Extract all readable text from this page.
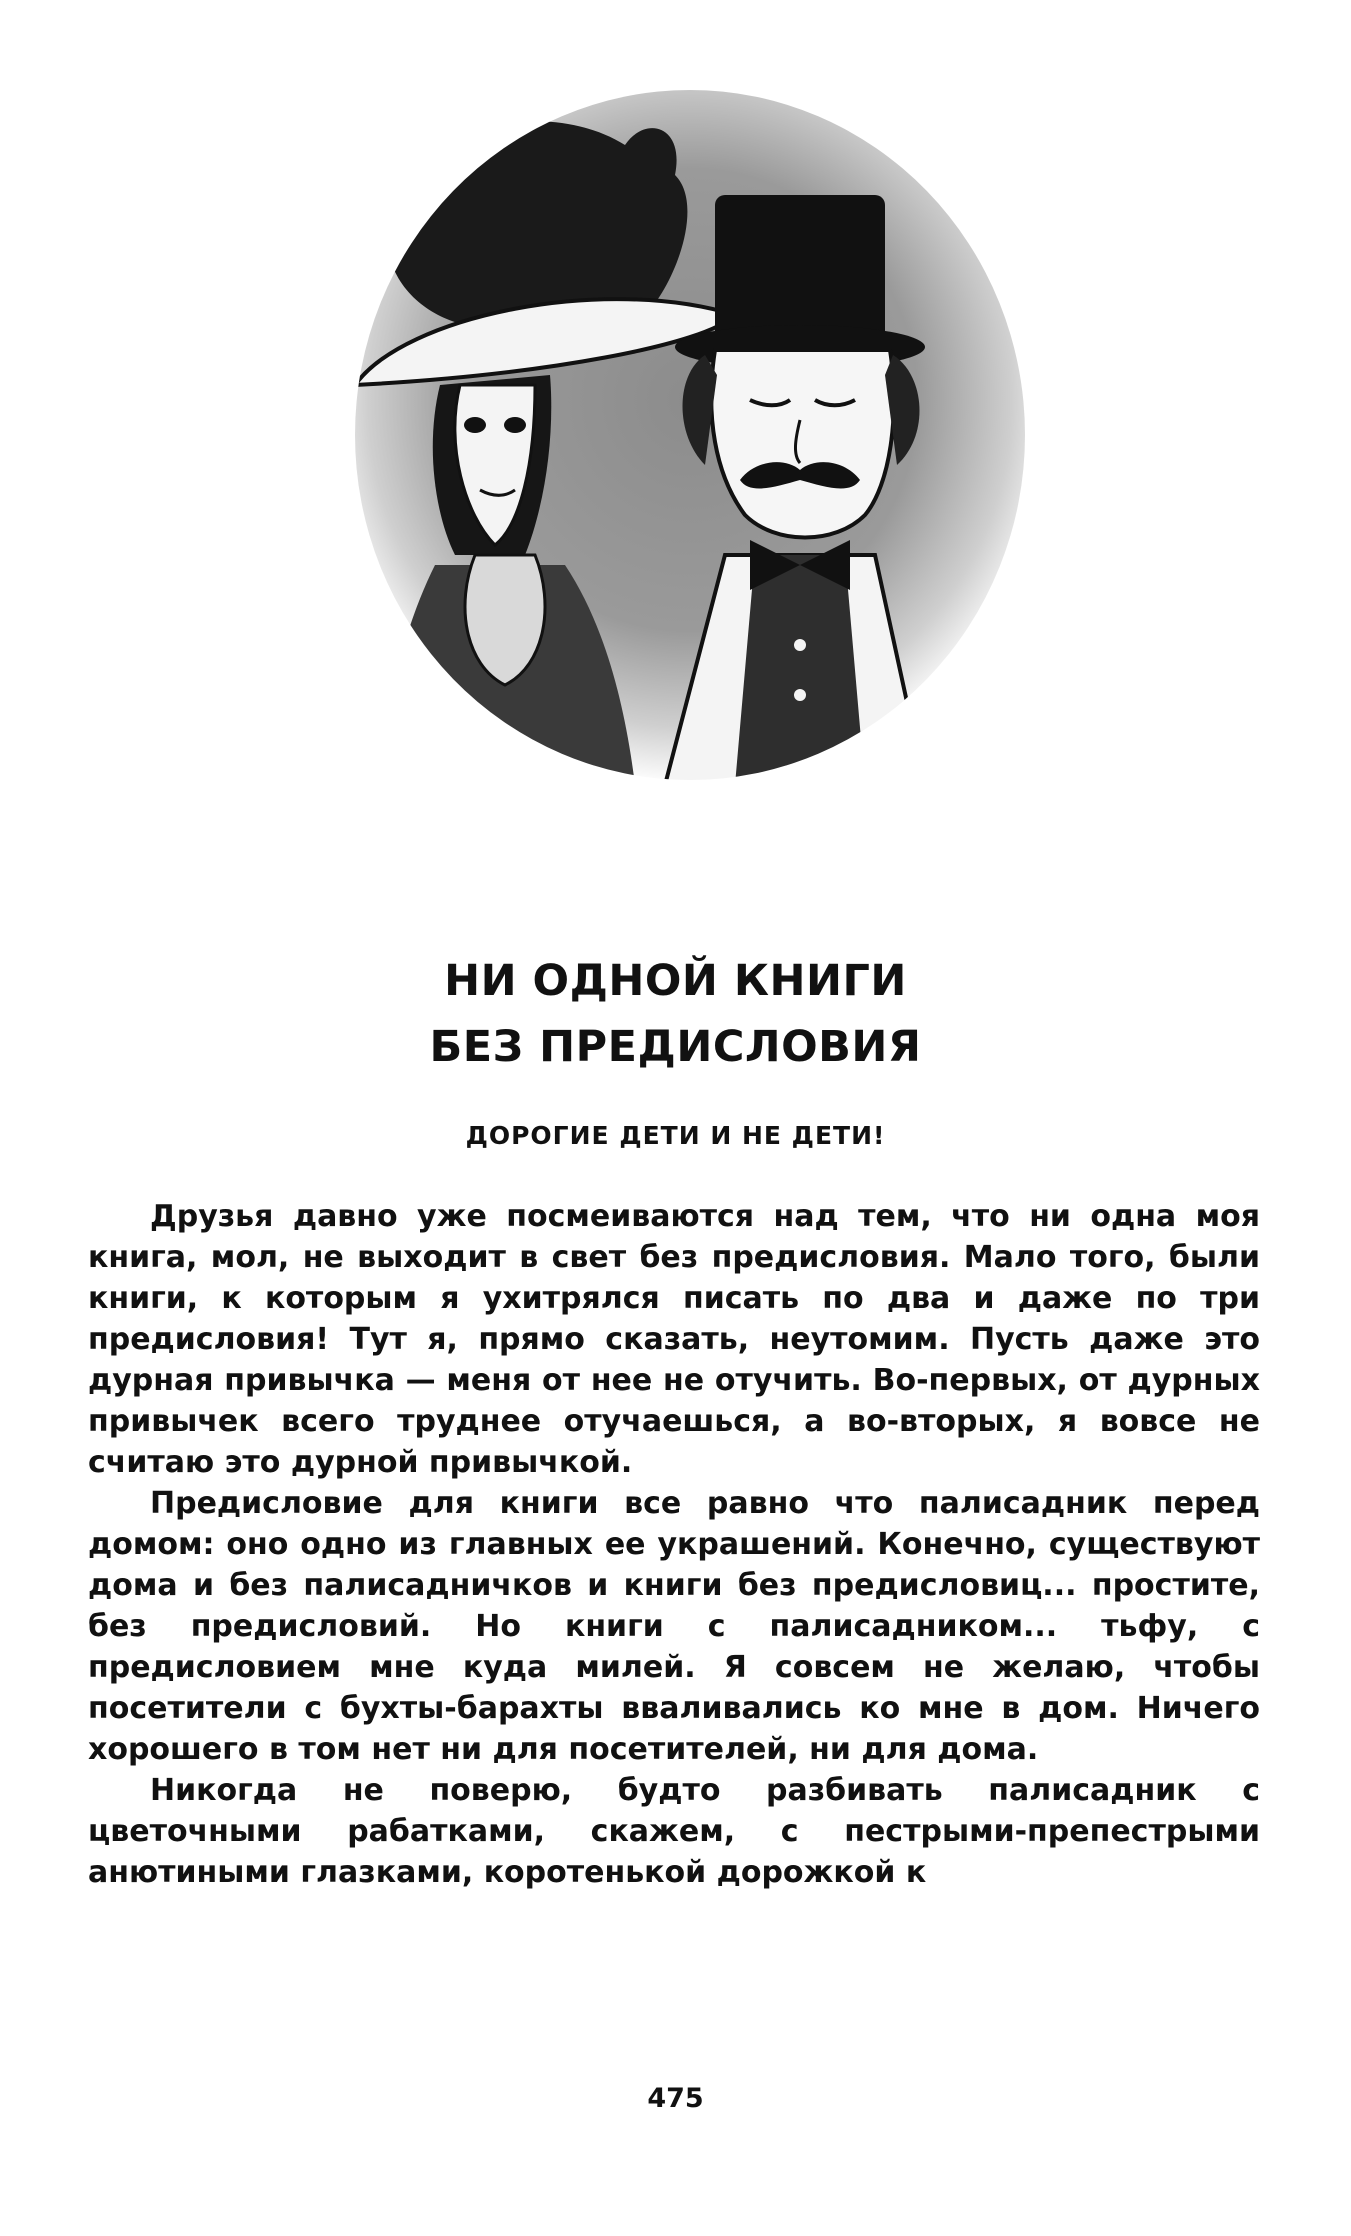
НИ ОДНОЙ КНИГИ
БЕЗ ПРЕДИСЛОВИЯ

ДОРОГИЕ ДЕТИ И НЕ ДЕТИ!

Друзья давно уже посмеиваются над тем, что ни одна моя книга, мол, не выходит в свет без предисловия. Мало того, были книги, к которым я ухитрялся писать по два и даже по три предисловия! Тут я, прямо сказать, неутомим. Пусть даже это дурная привычка — меня от нее не отучить. Во-первых, от дурных привычек всего труднее отучаешься, а во-вторых, я вовсе не считаю это дурной привычкой.

Предисловие для книги все равно что палисадник перед домом: оно одно из главных ее украшений. Конечно, существуют дома и без палисадничков и книги без предисловиц... простите, без предисловий. Но книги с палисадником... тьфу, с предисловием мне куда милей. Я совсем не желаю, чтобы посетители с бухты-барахты вваливались ко мне в дом. Ничего хорошего в том нет ни для посетителей, ни для дома.

Никогда не поверю, будто разбивать палисадник с цветочными рабатками, скажем, с пестрыми-препестрыми анютиными глазками, коротенькой дорожкой к

475
